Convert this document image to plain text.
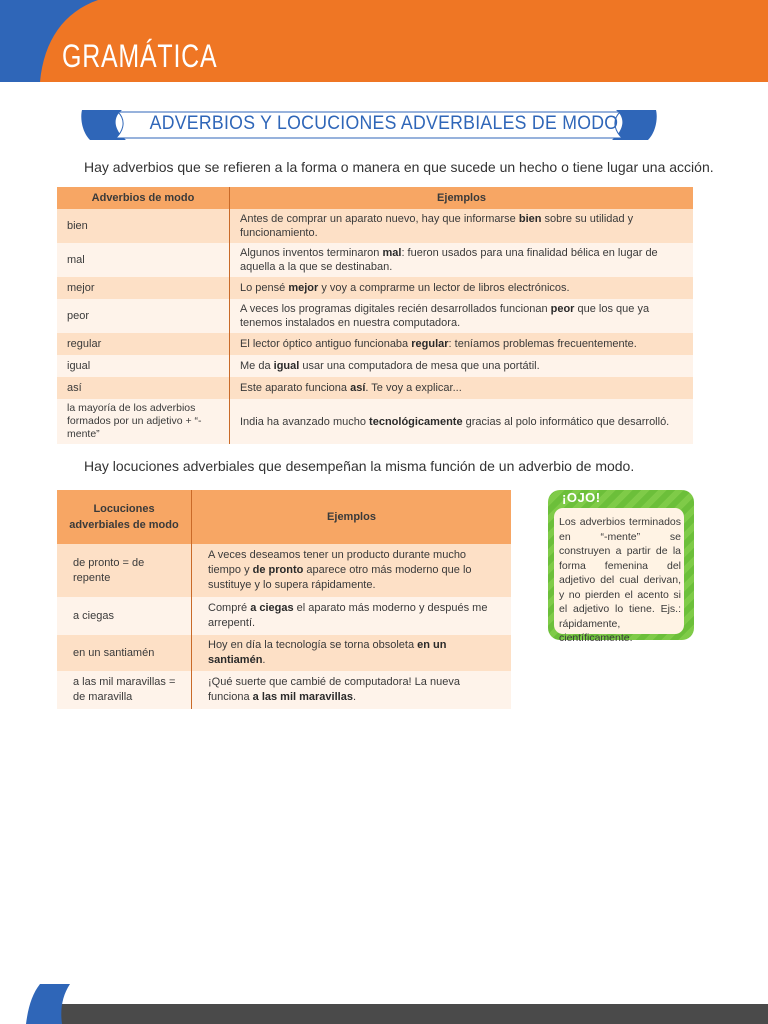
GRAMÁTICA
ADVERBIOS Y LOCUCIONES ADVERBIALES DE MODO
Hay adverbios que se refieren a la forma o manera en que sucede un hecho o tiene lugar una acción.
Adverbios de modo	Ejemplos
bien	Antes de comprar un aparato nuevo, hay que informarse bien sobre su utilidad y funcionamiento.
mal	Algunos inventos terminaron mal: fueron usados para una finalidad bélica en lugar de aquella a la que se destinaban.
mejor	Lo pensé mejor y voy a comprarme un lector de libros electrónicos.
peor	A veces los programas digitales recién desarrollados funcionan peor que los que ya tenemos instalados en nuestra computadora.
regular	El lector óptico antiguo funcionaba regular: teníamos problemas frecuentemente.
igual	Me da igual usar una computadora de mesa que una portátil.
así	Este aparato funciona así. Te voy a explicar...
la mayoría de los adverbios formados por un adjetivo + “-mente”	India ha avanzado mucho tecnológicamente gracias al polo informático que desarrolló.
Hay locuciones adverbiales que desempeñan la misma función de un adverbio de modo.
Locuciones adverbiales de modo	Ejemplos
de pronto = de repente	A veces deseamos tener un producto durante mucho tiempo y de pronto aparece otro más moderno que lo sustituye y lo supera rápidamente.
a ciegas	Compré a ciegas el aparato más moderno y después me arrepentí.
en un santiamén	Hoy en día la tecnología se torna obsoleta en un santiamén.
a las mil maravillas = de maravilla	¡Qué suerte que cambié de computadora! La nueva funciona a las mil maravillas.
¡OJO!
Los adverbios terminados en “-mente” se construyen a partir de la forma femenina del adjetivo del cual derivan, y no pierden el acento si el adjetivo lo tiene. Ejs.: rápidamente, científicamente.
